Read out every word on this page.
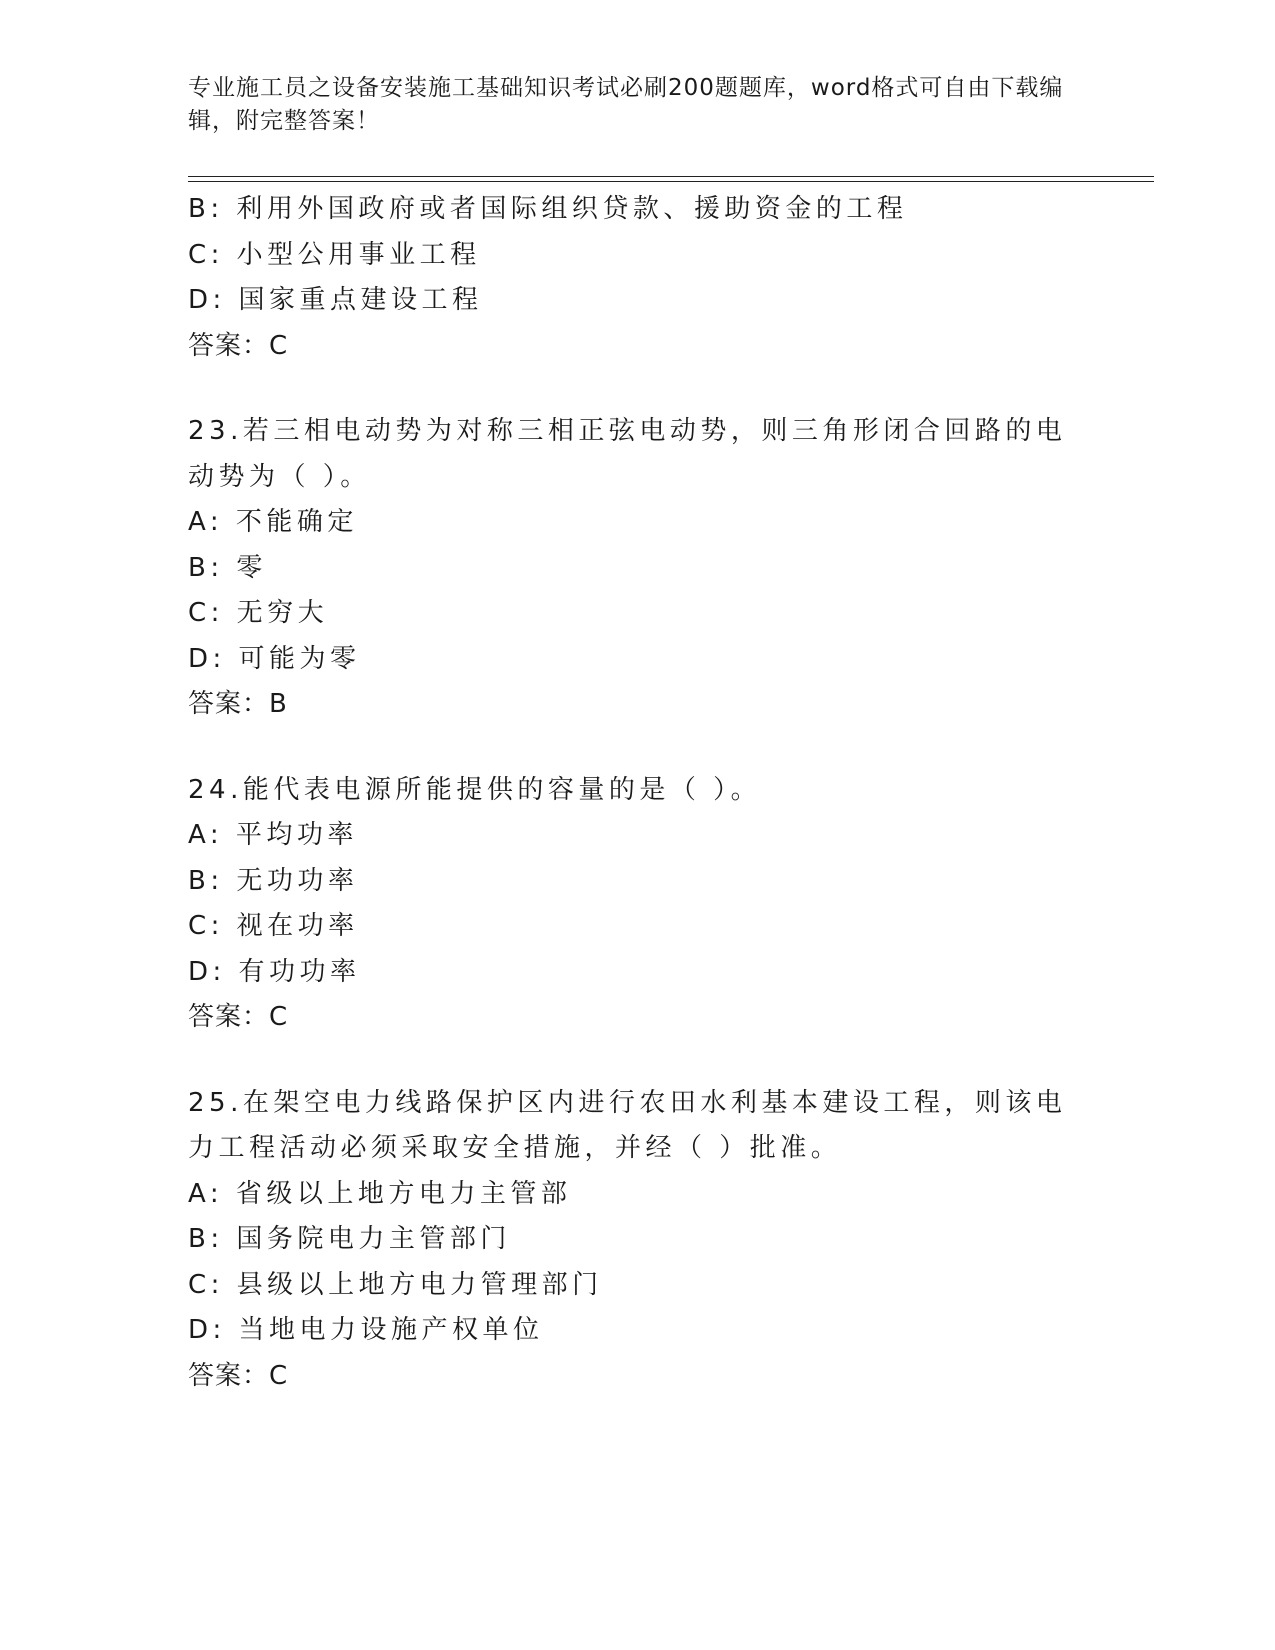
专业施工员之设备安装施工基础知识考试必刷200题题库，word格式可自由下载编辑，附完整答案！
B: 利用外国政府或者国际组织贷款、援助资金的工程
C: 小型公用事业工程
D: 国家重点建设工程
答案：C
23.若三相电动势为对称三相正弦电动势，则三角形闭合回路的电动势为（ ）。
A: 不能确定
B: 零
C: 无穷大
D: 可能为零
答案：B
24.能代表电源所能提供的容量的是（ ）。
A: 平均功率
B: 无功功率
C: 视在功率
D: 有功功率
答案：C
25.在架空电力线路保护区内进行农田水利基本建设工程，则该电力工程活动必须采取安全措施，并经（ ）批准。
A: 省级以上地方电力主管部
B: 国务院电力主管部门
C: 县级以上地方电力管理部门
D: 当地电力设施产权单位
答案：C
